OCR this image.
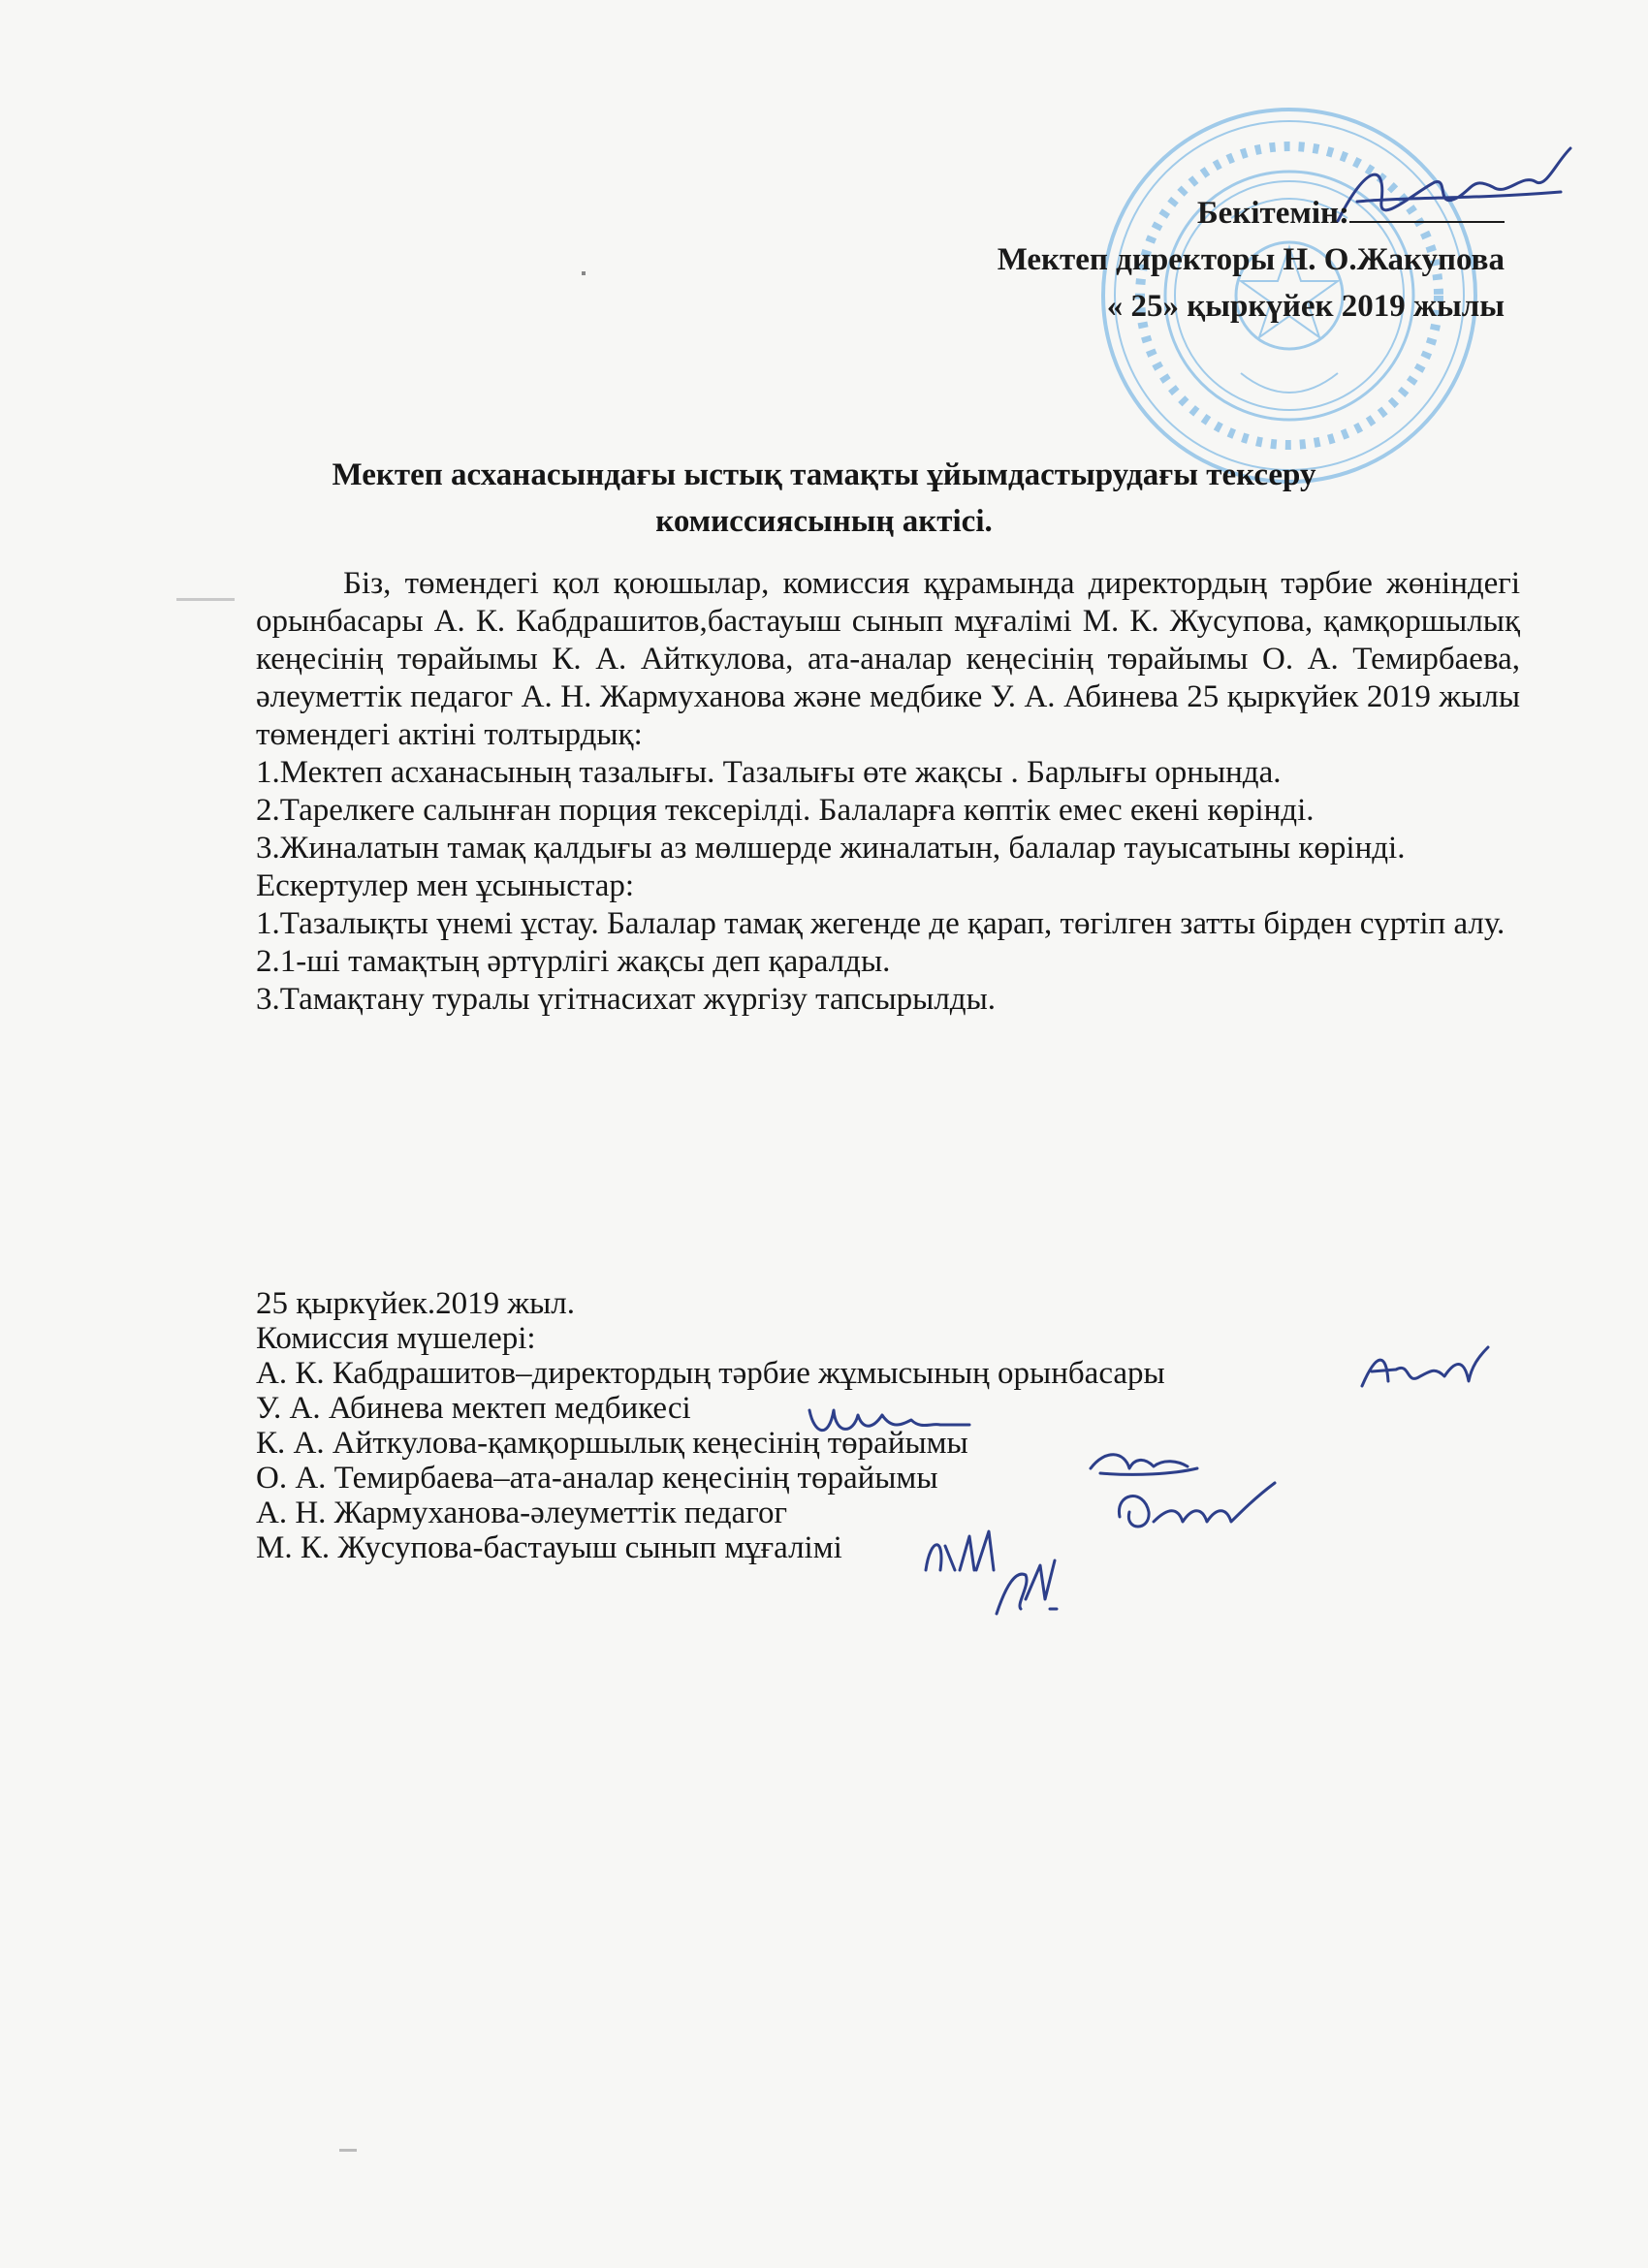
Бекітемін:
Мектеп директоры Н. О.Жакупова
« 25» қыркүйек 2019 жылы
Мектеп асханасындағы ыстық тамақты ұйымдастырудағы тексеру
комиссиясының актісі.

Біз, төмендегі қол қоюшылар, комиссия құрамында директордың тәрбие жөніндегі орынбасары А. К. Кабдрашитов,бастауыш сынып мұғалімі М. К. Жусупова, қамқоршылық кеңесінің төрайымы К. А. Айткулова, ата-аналар кеңесінің төрайымы О. А. Темирбаева, әлеуметтік педагог А. Н. Жармуханова және медбике У. А. Абинева 25 қыркүйек 2019 жылы төмендегі актіні толтырдық:

1.Мектеп асханасының тазалығы. Тазалығы өте жақсы . Барлығы орнында.

2.Тарелкеге салынған порция тексерілді. Балаларға көптік емес екені көрінді.

3.Жиналатын тамақ қалдығы аз мөлшерде жиналатын, балалар тауысатыны көрінді.

Ескертулер мен ұсыныстар:

1.Тазалықты үнемі ұстау. Балалар тамақ жегенде де қарап, төгілген затты бірден сүртіп алу.

2.1-ші тамақтың әртүрлігі жақсы деп қаралды.

3.Тамақтану туралы үгітнасихат жүргізу тапсырылды.

25 қыркүйек.2019 жыл.

Комиссия мүшелері:

А. К. Кабдрашитов–директордың тәрбие жұмысының орынбасары

У. А. Абинева мектеп медбикесі

К. А. Айткулова-қамқоршылық кеңесінің төрайымы

О. А. Темирбаева–ата-аналар кеңесінің төрайымы

А. Н. Жармуханова-әлеуметтік педагог

М. К. Жусупова-бастауыш сынып мұғалімі
